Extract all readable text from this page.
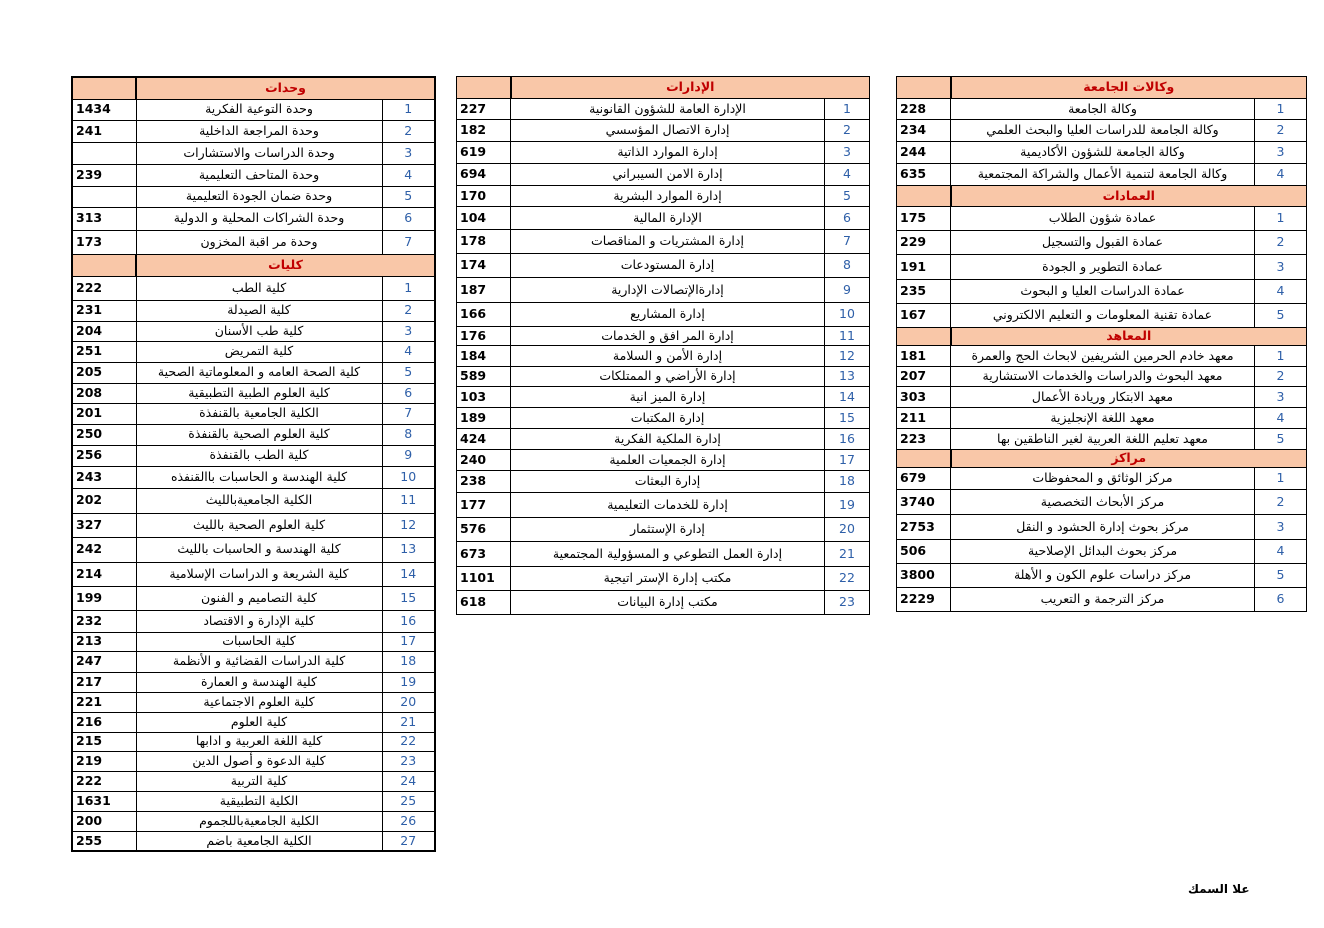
	وكالات الجامعة	
228	وكالة الجامعة	1
234	وكالة الجامعة للدراسات العليا والبحث العلمي	2
244	وكالة الجامعة للشؤون الأكاديمية	3
635	وكالة الجامعة لتنمية الأعمال والشراكة المجتمعية	4
	العمادات	
175	عمادة شؤون الطلاب	1
229	عمادة القبول والتسجيل	2
191	عمادة التطوير و الجودة	3
235	عمادة الدراسات العليا و البحوث	4
167	عمادة تقنية المعلومات و التعليم الالكتروني	5
	المعاهد	
181	معهد خادم الحرمين الشريفين لابحاث الحج والعمرة	1
207	معهد البحوث والدراسات والخدمات الاستشارية	2
303	معهد الابتكار وريادة الأعمال	3
211	معهد اللغة الإنجليزية	4
223	معهد تعليم اللغة العربية لغير الناطقين بها	5
	مراكز	
679	مركز الوثائق و المحفوظات	1
3740	مركز الأبحاث التخصصية	2
2753	مركز بحوث إدارة الحشود و النقل	3
506	مركز بحوث البدائل الإصلاحية	4
3800	مركز دراسات علوم الكون و الأهلة	5
2229	مركز الترجمة و التعريب	6
	الإدارات	
227	الإدارة العامة للشؤون القانونية	1
182	إدارة الاتصال المؤسسي	2
619	إدارة الموارد الذاتية	3
694	إدارة الامن السيبراني	4
170	إدارة الموارد البشرية	5
104	الإدارة المالية	6
178	إدارة المشتريات و المناقصات	7
174	إدارة المستودعات	8
187	إدارةالإتصالات الإدارية	9
166	إدارة المشاريع	10
176	إدارة المر افق و الخدمات	11
184	إدارة الأمن و السلامة	12
589	إدارة الأراضي و الممتلكات	13
103	إدارة الميز انية	14
189	إدارة المكتبات	15
424	إدارة الملكية الفكرية	16
240	إدارة الجمعيات العلمية	17
238	إدارة البعثات	18
177	إدارة للخدمات التعليمية	19
576	إدارة الإستثمار	20
673	إدارة العمل التطوعي و المسؤولية المجتمعية	21
1101	مكتب إدارة الإستر اتيجية	22
618	مكتب إدارة البيانات	23
	وحدات	
1434	وحدة التوعية الفكرية	1
241	وحدة المراجعة الداخلية	2
	وحدة الدراسات والاستشارات	3
239	وحدة المتاحف التعليمية	4
	وحدة ضمان الجودة التعليمية	5
313	وحدة الشراكات المحلية و الدولية	6
173	وحدة مر اقبة المخزون	7
	كليات	
222	كلية الطب	1
231	كلية الصيدلة	2
204	كلية طب الأسنان	3
251	كلية التمريض	4
205	كلية الصحة العامه و المعلوماتية الصحية	5
208	كلية العلوم الطبية التطبيقية	6
201	الكلية الجامعية بالقنفذة	7
250	كلية العلوم الصحية بالقنفذة	8
256	كلية الطب بالقنفذة	9
243	كلية الهندسة و الحاسبات باالقنفذه	10
202	الكلية الجامعيةبالليث	11
327	كلية العلوم الصحية بالليث	12
242	كلية الهندسة و الحاسبات بالليث	13
214	كلية الشريعة و الدراسات الإسلامية	14
199	كلية التصاميم و الفنون	15
232	كلية الإدارة و الاقتصاد	16
213	كلية الحاسبات	17
247	كلية الدراسات القضائية و الأنظمة	18
217	كلية الهندسة و العمارة	19
221	كلية العلوم الاجتماعية	20
216	كلية العلوم	21
215	كلية اللغة العربية و ادابها	22
219	كلية الدعوة و أصول الدين	23
222	كلية التربية	24
1631	الكلية التطبيقية	25
200	الكلية الجامعيةباللجموم	26
255	الكلية الجامعية باضم	27
علا السمك
